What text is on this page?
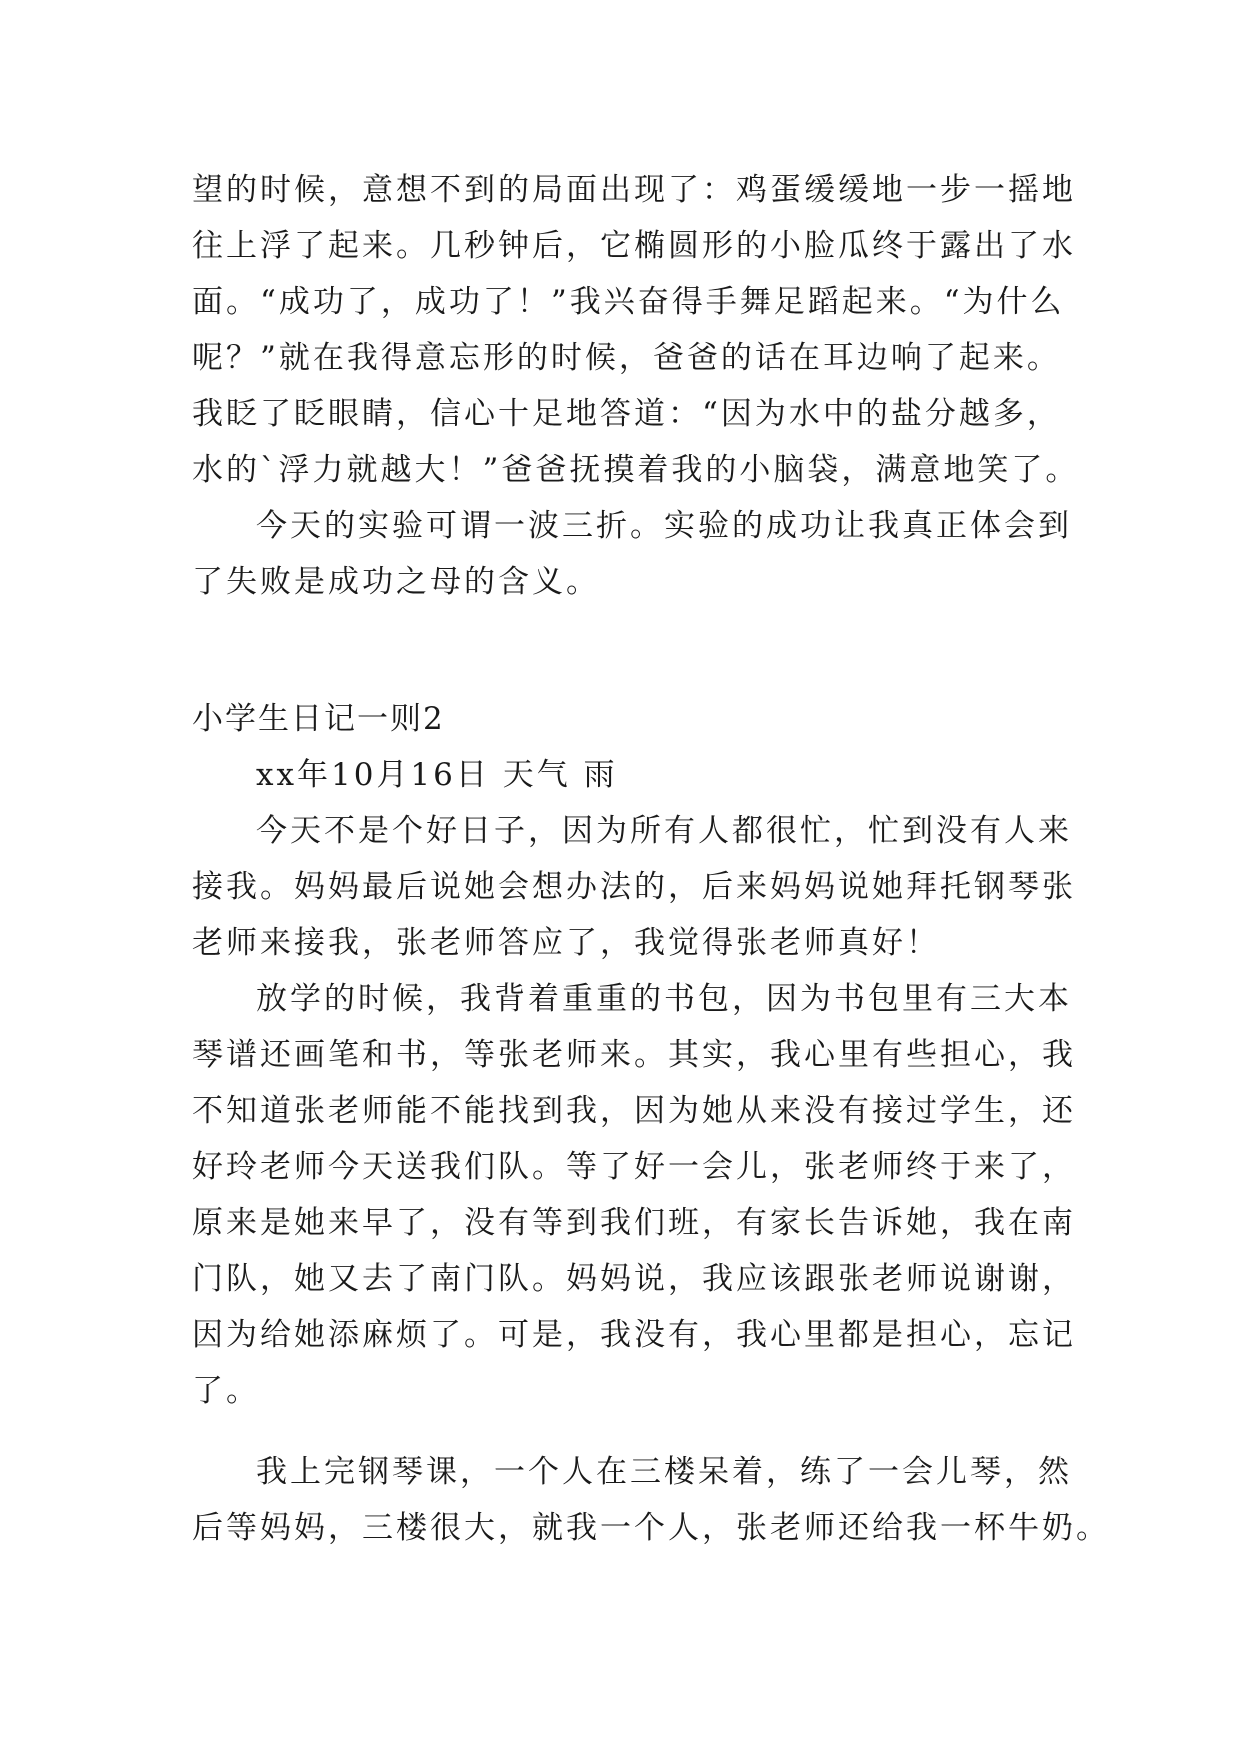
望的时候，意想不到的局面出现了：鸡蛋缓缓地一步一摇地
往上浮了起来。几秒钟后，它椭圆形的小脸瓜终于露出了水
面。“成功了，成功了！”我兴奋得手舞足蹈起来。“为什么
呢？”就在我得意忘形的时候，爸爸的话在耳边响了起来。
我眨了眨眼睛，信心十足地答道：“因为水中的盐分越多，
水的`浮力就越大！”爸爸抚摸着我的小脑袋，满意地笑了。
今天的实验可谓一波三折。实验的成功让我真正体会到
了失败是成功之母的含义。
小学生日记一则2
xx年10月16日 天气 雨
今天不是个好日子，因为所有人都很忙，忙到没有人来
接我。妈妈最后说她会想办法的，后来妈妈说她拜托钢琴张
老师来接我，张老师答应了，我觉得张老师真好！
放学的时候，我背着重重的书包，因为书包里有三大本
琴谱还画笔和书，等张老师来。其实，我心里有些担心，我
不知道张老师能不能找到我，因为她从来没有接过学生，还
好玲老师今天送我们队。等了好一会儿，张老师终于来了，
原来是她来早了，没有等到我们班，有家长告诉她，我在南
门队，她又去了南门队。妈妈说，我应该跟张老师说谢谢，
因为给她添麻烦了。可是，我没有，我心里都是担心，忘记
了。
我上完钢琴课，一个人在三楼呆着，练了一会儿琴，然
后等妈妈，三楼很大，就我一个人，张老师还给我一杯牛奶。
